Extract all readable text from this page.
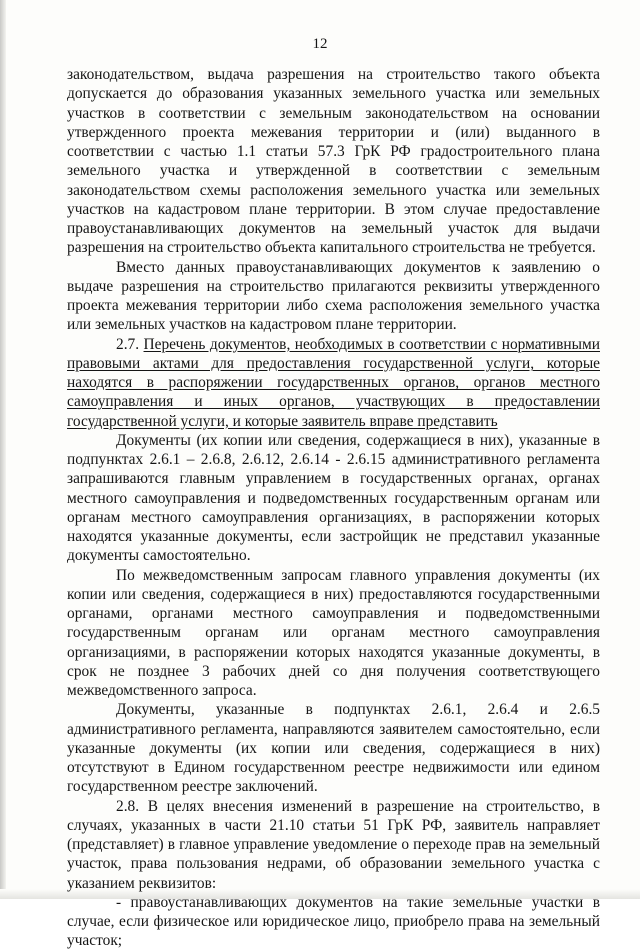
12

законодательством, выдача разрешения на строительство такого объекта допускается до образования указанных земельного участка или земельных участков в соответствии с земельным законодательством на основании утвержденного проекта межевания территории и (или) выданного в соответствии с частью 1.1 статьи 57.3 ГрК РФ градостроительного плана земельного участка и утвержденной в соответствии с земельным законодательством схемы расположения земельного участка или земельных участков на кадастровом плане территории. В этом случае предоставление правоустанавливающих документов на земельный участок для выдачи разрешения на строительство объекта капитального строительства не требуется.

Вместо данных правоустанавливающих документов к заявлению о выдаче разрешения на строительство прилагаются реквизиты утвержденного проекта межевания территории либо схема расположения земельного участка или земельных участков на кадастровом плане территории.

2.7. Перечень документов, необходимых в соответствии с нормативными правовыми актами для предоставления государственной услуги, которые находятся в распоряжении государственных органов, органов местного самоуправления и иных органов, участвующих в предоставлении государственной услуги, и которые заявитель вправе представить

Документы (их копии или сведения, содержащиеся в них), указанные в подпунктах 2.6.1 – 2.6.8, 2.6.12, 2.6.14 - 2.6.15 административного регламента запрашиваются главным управлением в государственных органах, органах местного самоуправления и подведомственных государственным органам или органам местного самоуправления организациях, в распоряжении которых находятся указанные документы, если застройщик не представил указанные документы самостоятельно.

По межведомственным запросам главного управления документы (их копии или сведения, содержащиеся в них) предоставляются государственными органами, органами местного самоуправления и подведомственными государственным органам или органам местного самоуправления организациями, в распоряжении которых находятся указанные документы, в срок не позднее 3 рабочих дней со дня получения соответствующего межведомственного запроса.

Документы, указанные в подпунктах 2.6.1, 2.6.4 и 2.6.5 административного регламента, направляются заявителем самостоятельно, если указанные документы (их копии или сведения, содержащиеся в них) отсутствуют в Едином государственном реестре недвижимости или едином государственном реестре заключений.

2.8. В целях внесения изменений в разрешение на строительство, в случаях, указанных в части 21.10 статьи 51 ГрК РФ, заявитель направляет (представляет) в главное управление уведомление о переходе прав на земельный участок, права пользования недрами, об образовании земельного участка с указанием реквизитов:

- правоустанавливающих документов на такие земельные участки в случае, если физическое или юридическое лицо, приобрело права на земельный участок;
